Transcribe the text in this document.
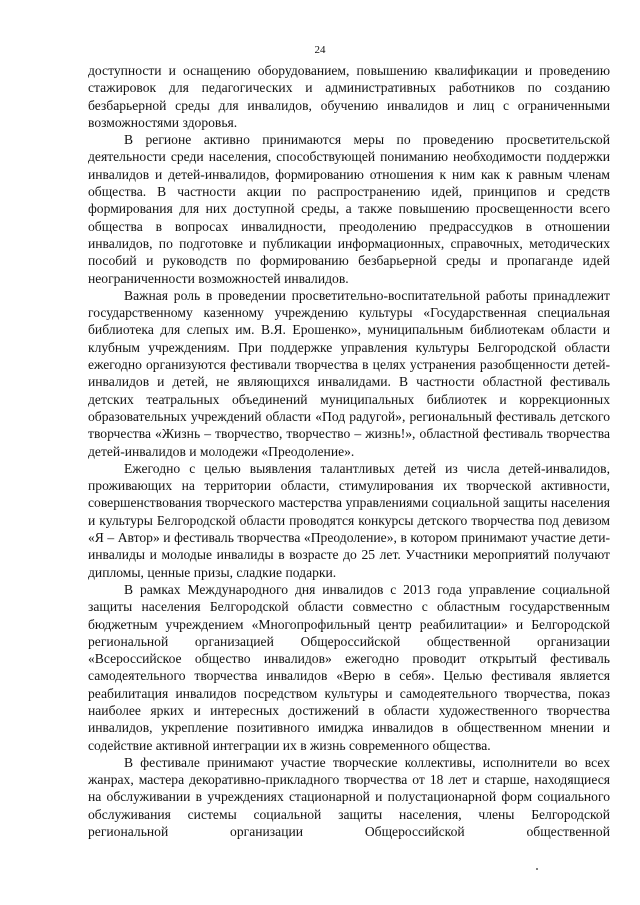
24

доступности и оснащению оборудованием, повышению квалификации и проведению стажировок для педагогических и административных работников по созданию безбарьерной среды для инвалидов, обучению инвалидов и лиц с ограниченными возможностями здоровья.

В регионе активно принимаются меры по проведению просветительской деятельности среди населения, способствующей пониманию необходимости поддержки инвалидов и детей-инвалидов, формированию отношения к ним как к равным членам общества. В частности акции по распространению идей, принципов и средств формирования для них доступной среды, а также повышению просвещенности всего общества в вопросах инвалидности, преодолению предрассудков в отношении инвалидов, по подготовке и публикации информационных, справочных, методических пособий и руководств по формированию безбарьерной среды и пропаганде идей неограниченности возможностей инвалидов.

Важная роль в проведении просветительно-воспитательной работы принадлежит государственному казенному учреждению культуры «Государственная специальная библиотека для слепых им. В.Я. Ерошенко», муниципальным библиотекам области и клубным учреждениям. При поддержке управления культуры Белгородской области ежегодно организуются фестивали творчества в целях устранения разобщенности детей-инвалидов и детей, не являющихся инвалидами. В частности областной фестиваль детских театральных объединений муниципальных библиотек и коррекционных образовательных учреждений области «Под радугой», региональный фестиваль детского творчества «Жизнь – творчество, творчество – жизнь!», областной фестиваль творчества детей-инвалидов и молодежи «Преодоление».

Ежегодно с целью выявления талантливых детей из числа детей-инвалидов, проживающих на территории области, стимулирования их творческой активности, совершенствования творческого мастерства управлениями социальной защиты населения и культуры Белгородской области проводятся конкурсы детского творчества под девизом «Я – Автор» и фестиваль творчества «Преодоление», в котором принимают участие дети-инвалиды и молодые инвалиды в возрасте до 25 лет. Участники мероприятий получают дипломы, ценные призы, сладкие подарки.

В рамках Международного дня инвалидов с 2013 года управление социальной защиты населения Белгородской области совместно с областным государственным бюджетным учреждением «Многопрофильный центр реабилитации» и Белгородской региональной организацией Общероссийской общественной организации «Всероссийское общество инвалидов» ежегодно проводит открытый фестиваль самодеятельного творчества инвалидов «Верю в себя». Целью фестиваля является реабилитация инвалидов посредством культуры и самодеятельного творчества, показ наиболее ярких и интересных достижений в области художественного творчества инвалидов, укрепление позитивного имиджа инвалидов в общественном мнении и содействие активной интеграции их в жизнь современного общества.

В фестивале принимают участие творческие коллективы, исполнители во всех жанрах, мастера декоративно-прикладного творчества от 18 лет и старше, находящиеся на обслуживании в учреждениях стационарной и полустационарной форм социального обслуживания системы социальной защиты населения, члены Белгородской региональной организации Общероссийской общественной
